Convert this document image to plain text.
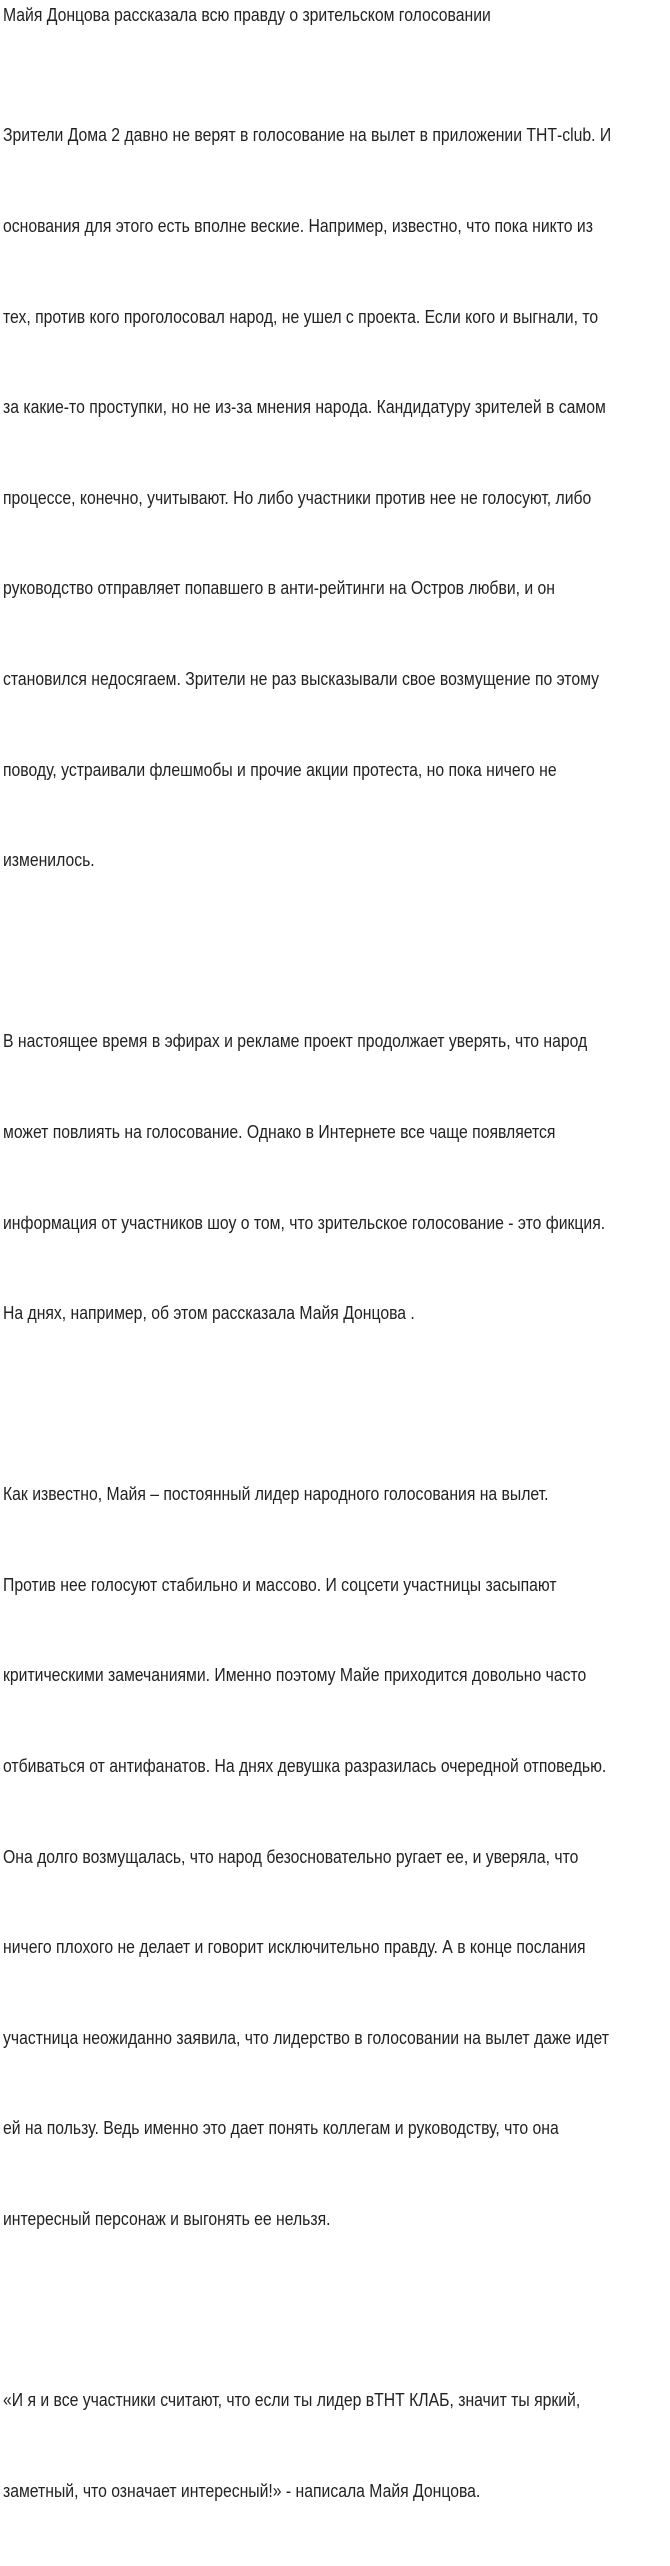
Майя Донцова рассказала всю правду о зрительском голосовании

Зрители Дома 2 давно не верят в голосование на вылет в приложении ТНТ-club. И

основания для этого есть вполне веские. Например, известно, что пока никто из

тех, против кого проголосовал народ, не ушел с проекта. Если кого и выгнали, то

за какие-то проступки, но не из-за мнения народа. Кандидатуру зрителей в самом

процессе, конечно, учитывают. Но либо участники против нее не голосуют, либо

руководство отправляет попавшего в анти-рейтинги на Остров любви, и он

становился недосягаем. Зрители не раз высказывали свое возмущение по этому

поводу, устраивали флешмобы и прочие акции протеста, но пока ничего не

изменилось.

В настоящее время в эфирах и рекламе проект продолжает уверять, что народ

может повлиять на голосование. Однако в Интернете все чаще появляется

информация от участников шоу о том, что зрительское голосование - это фикция.

На днях, например, об этом рассказала Майя Донцова .

Как известно, Майя – постоянный лидер народного голосования на вылет.

Против нее голосуют стабильно и массово. И соцсети участницы засыпают

критическими замечаниями. Именно поэтому Майе приходится довольно часто

отбиваться от антифанатов. На днях девушка разразилась очередной отповедью.

Она долго возмущалась, что народ безосновательно ругает ее, и уверяла, что

ничего плохого не делает и говорит исключительно правду. А в конце послания

участница неожиданно заявила, что лидерство в голосовании на вылет даже идет

ей на пользу. Ведь именно это дает понять коллегам и руководству, что она

интересный персонаж и выгонять ее нельзя.

«И я и все участники считают, что если ты лидер вТНТ КЛАБ, значит ты яркий,

заметный, что означает интересный!» - написала Майя Донцова.
